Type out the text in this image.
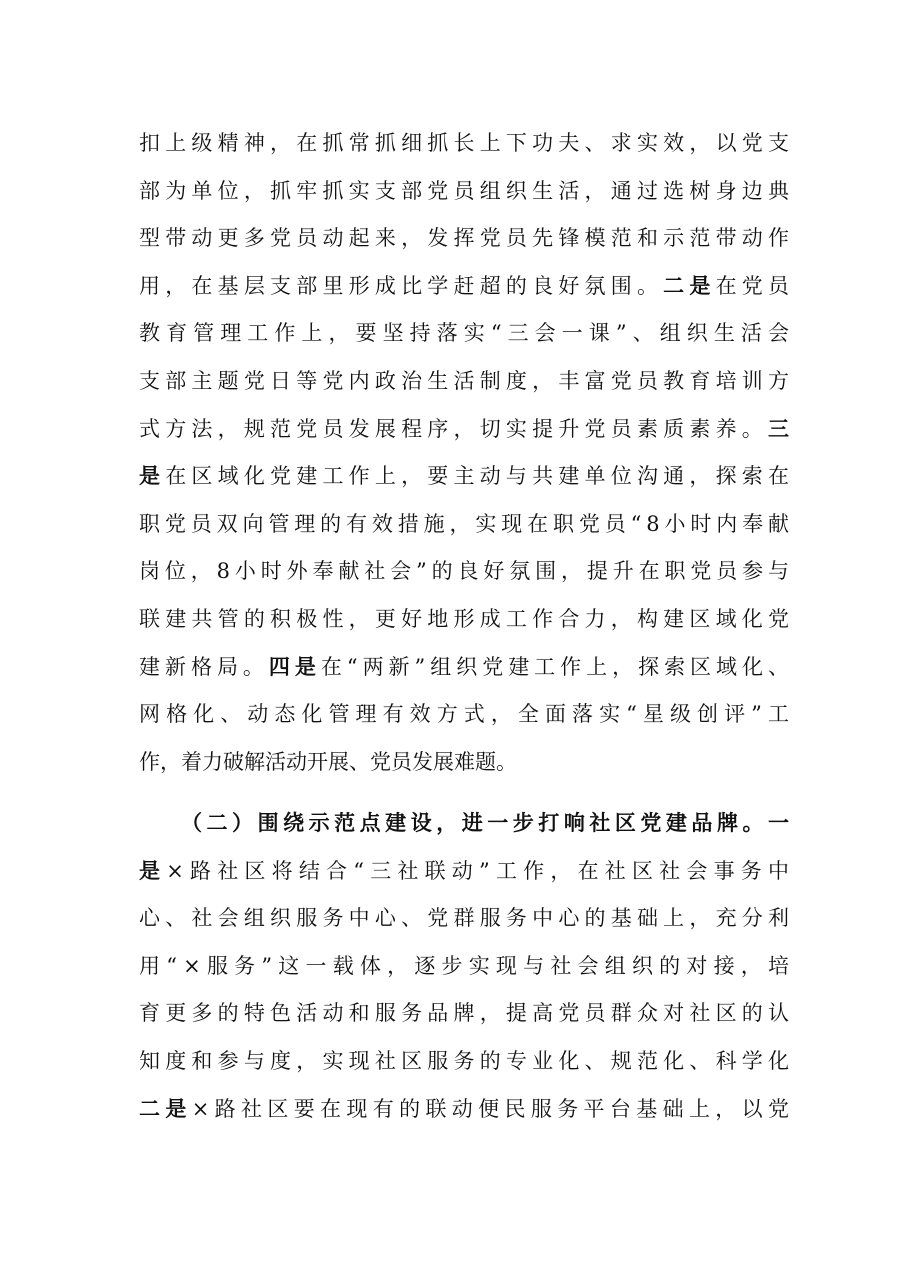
扣上级精神，在抓常抓细抓长上下功夫、求实效，以党支
部为单位，抓牢抓实支部党员组织生活，通过选树身边典
型带动更多党员动起来，发挥党员先锋模范和示范带动作
用，在基层支部里形成比学赶超的良好氛围。二是在党员
教育管理工作上，要坚持落实“三会一课”、组织生活会
支部主题党日等党内政治生活制度，丰富党员教育培训方
式方法，规范党员发展程序，切实提升党员素质素养。三
是在区域化党建工作上，要主动与共建单位沟通，探索在
职党员双向管理的有效措施，实现在职党员“8小时内奉献
岗位，8小时外奉献社会”的良好氛围，提升在职党员参与
联建共管的积极性，更好地形成工作合力，构建区域化党
建新格局。四是在“两新”组织党建工作上，探索区域化、
网格化、动态化管理有效方式，全面落实“星级创评”工
作，着力破解活动开展、党员发展难题。
（二）围绕示范点建设，进一步打响社区党建品牌。一
是×路社区将结合“三社联动”工作，在社区社会事务中
心、社会组织服务中心、党群服务中心的基础上，充分利
用“×服务”这一载体，逐步实现与社会组织的对接，培
育更多的特色活动和服务品牌，提高党员群众对社区的认
知度和参与度，实现社区服务的专业化、规范化、科学化
二是×路社区要在现有的联动便民服务平台基础上，以党
